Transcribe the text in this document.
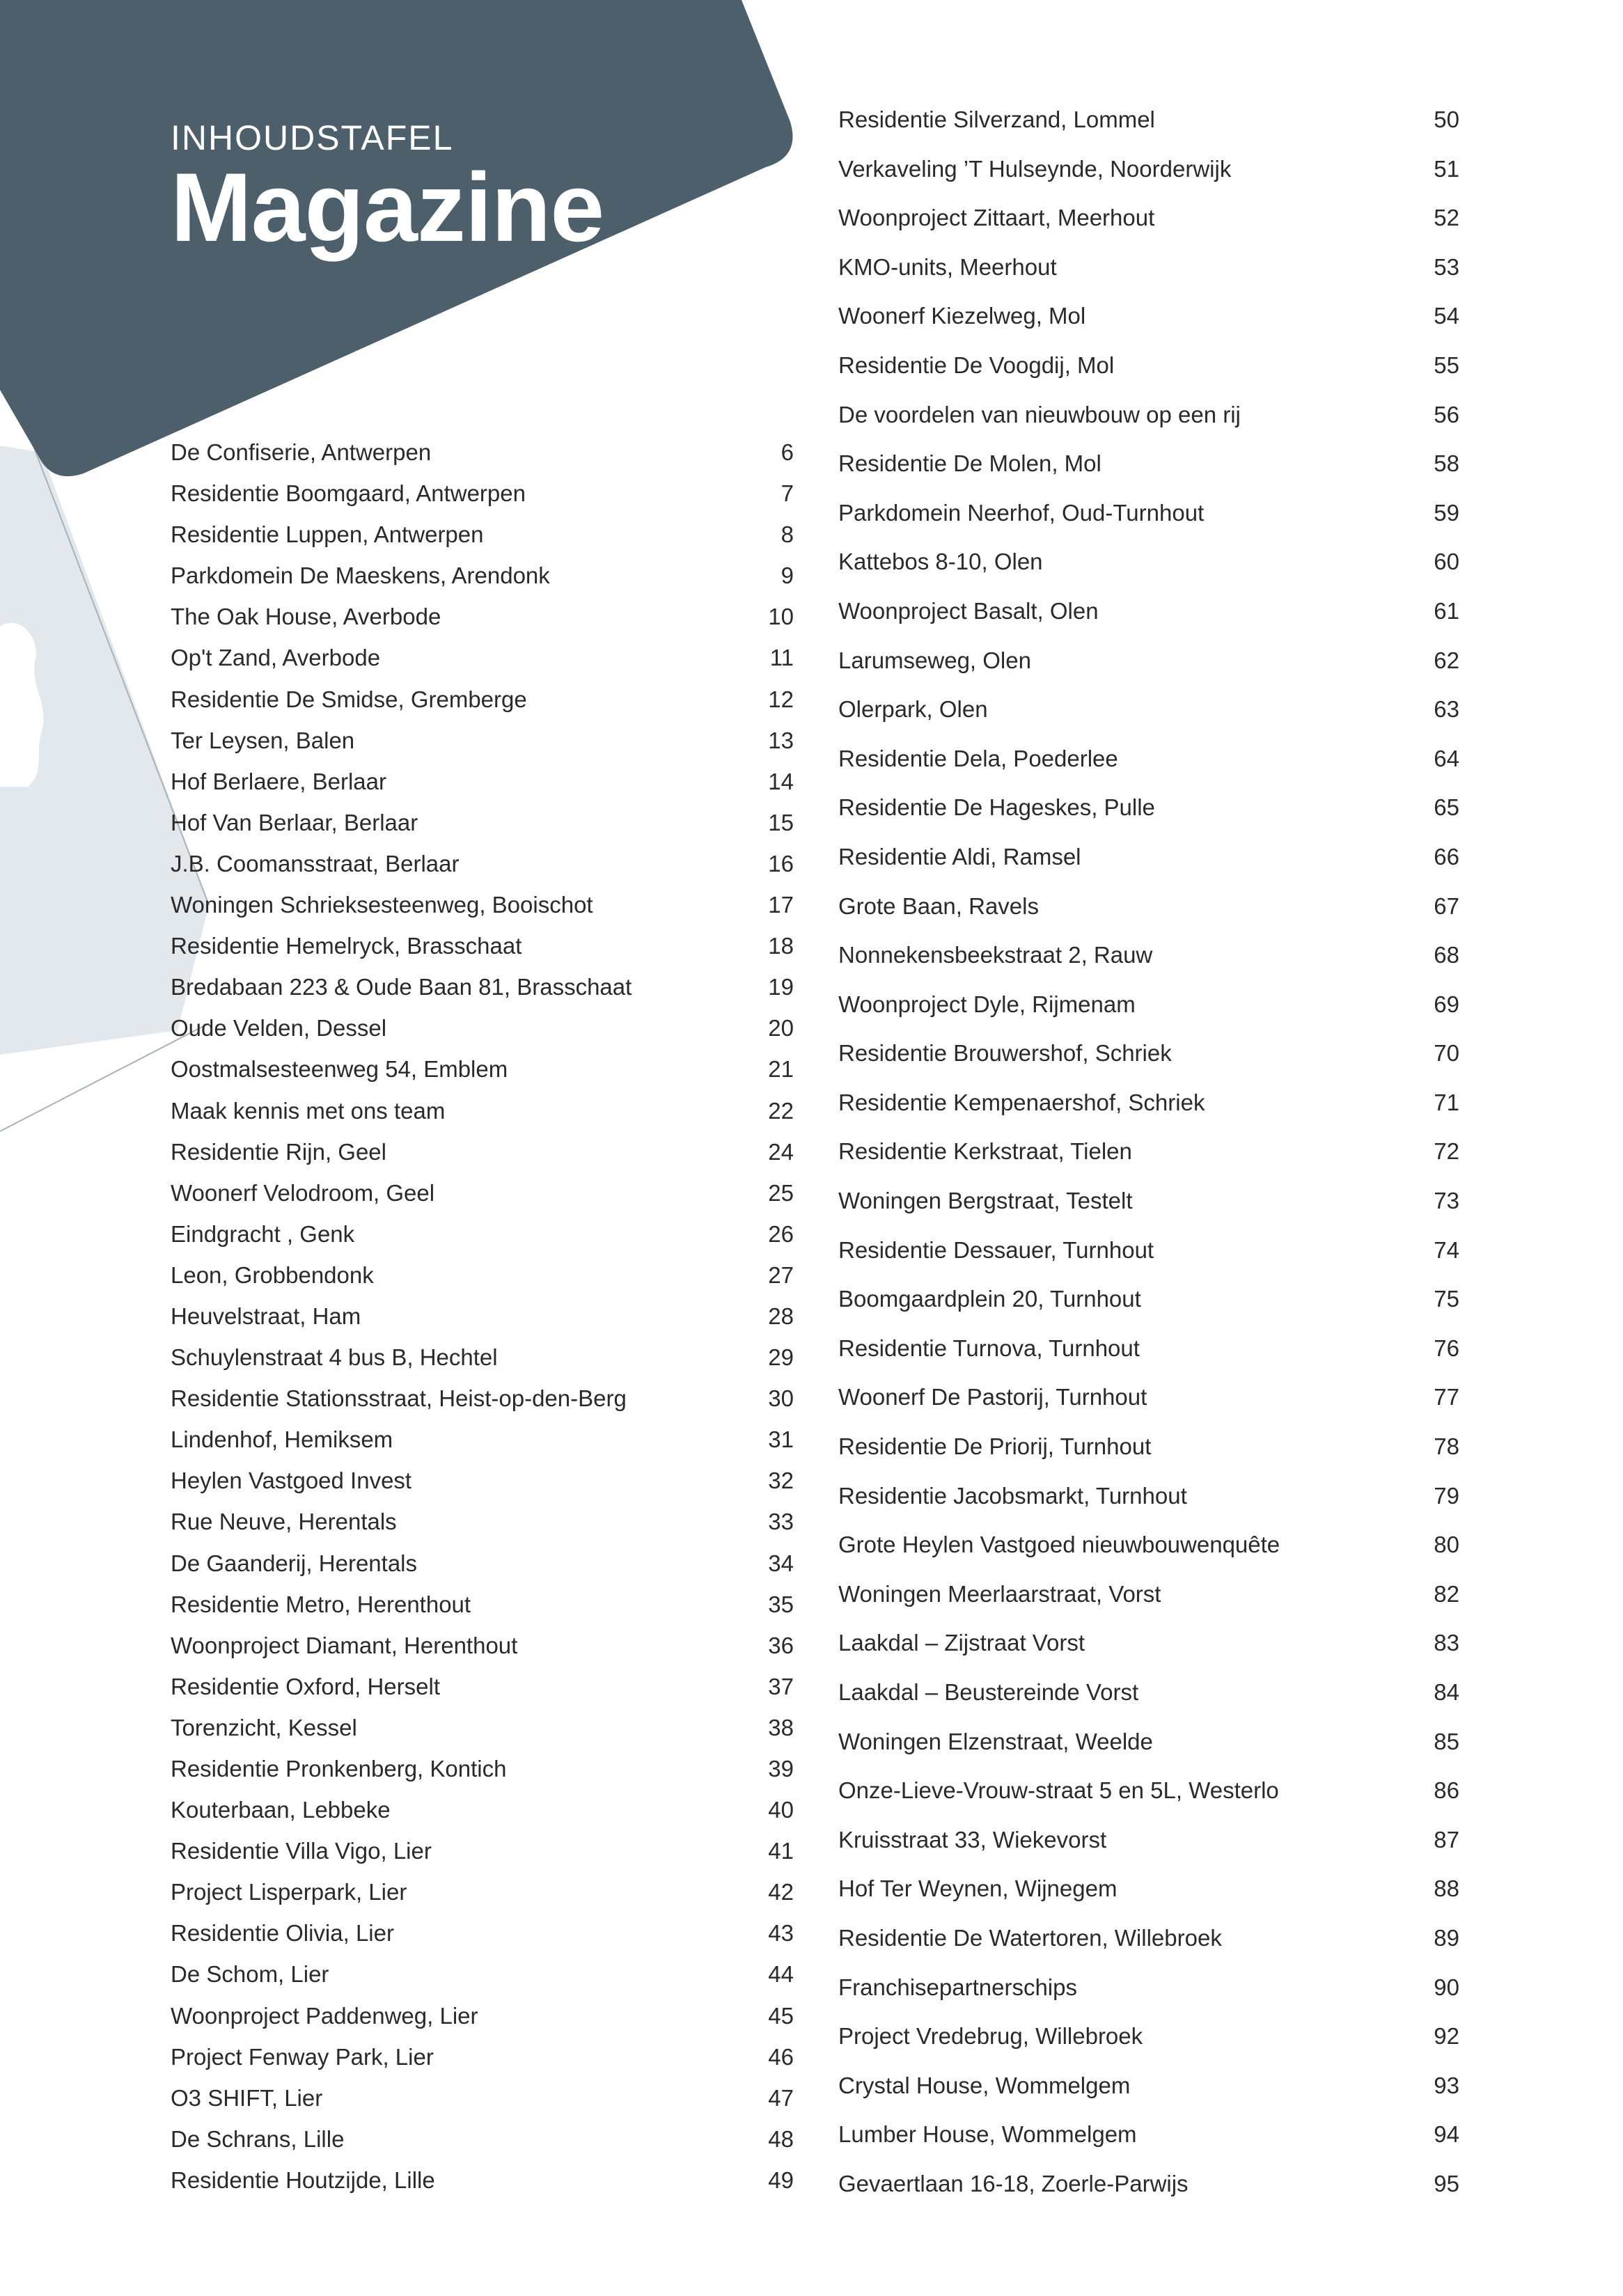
INHOUDSTAFEL
Magazine
De Confiserie, Antwerpen .....	6
Residentie Boomgaard, Antwerpen .....	7
Residentie Luppen, Antwerpen .....	8
Parkdomein De Maeskens, Arendonk .....	9
The Oak House, Averbode .....	10
Op't Zand, Averbode .....	11
Residentie De Smidse, Gremberge .....	12
Ter Leysen, Balen .....	13
Hof Berlaere, Berlaar .....	14
Hof Van Berlaar, Berlaar .....	15
J.B. Coomansstraat, Berlaar .....	16
Woningen Schrieksesteenweg, Booischot .....	17
Residentie Hemelryck, Brasschaat .....	18
Bredabaan 223 & Oude Baan 81, Brasschaat .....	19
Oude Velden, Dessel .....	20
Oostmalsesteenweg 54, Emblem .....	21
Maak kennis met ons team .....	22
Residentie Rijn, Geel .....	24
Woonerf Velodroom, Geel .....	25
Eindgracht , Genk .....	26
Leon, Grobbendonk .....	27
Heuvelstraat, Ham .....	28
Schuylenstraat 4 bus B, Hechtel .....	29
Residentie Stationsstraat, Heist-op-den-Berg .....	30
Lindenhof, Hemiksem .....	31
Heylen Vastgoed Invest .....	32
Rue Neuve, Herentals .....	33
De Gaanderij, Herentals .....	34
Residentie Metro, Herenthout .....	35
Woonproject Diamant, Herenthout .....	36
Residentie Oxford, Herselt .....	37
Torenzicht, Kessel .....	38
Residentie Pronkenberg, Kontich .....	39
Kouterbaan, Lebbeke .....	40
Residentie Villa Vigo, Lier .....	41
Project Lisperpark, Lier .....	42
Residentie Olivia, Lier .....	43
De Schom, Lier .....	44
Woonproject Paddenweg, Lier .....	45
Project Fenway Park, Lier .....	46
O3 SHIFT, Lier .....	47
De Schrans, Lille .....	48
Residentie Houtzijde, Lille .....	49
Residentie Silverzand, Lommel .....	50
Verkaveling ’T Hulseynde, Noorderwijk .....	51
Woonproject Zittaart, Meerhout .....	52
KMO-units, Meerhout .....	53
Woonerf Kiezelweg, Mol .....	54
Residentie De Voogdij, Mol .....	55
De voordelen van nieuwbouw op een rij .....	56
Residentie De Molen, Mol .....	58
Parkdomein Neerhof, Oud-Turnhout .....	59
Kattebos 8-10, Olen .....	60
Woonproject Basalt, Olen .....	61
Larumseweg, Olen .....	62
Olerpark, Olen .....	63
Residentie Dela, Poederlee .....	64
Residentie De Hageskes, Pulle .....	65
Residentie Aldi, Ramsel .....	66
Grote Baan, Ravels .....	67
Nonnekensbeekstraat 2, Rauw .....	68
Woonproject Dyle, Rijmenam .....	69
Residentie Brouwershof, Schriek .....	70
Residentie Kempenaershof, Schriek .....	71
Residentie Kerkstraat, Tielen .....	72
Woningen Bergstraat, Testelt .....	73
Residentie Dessauer, Turnhout .....	74
Boomgaardplein 20, Turnhout .....	75
Residentie Turnova, Turnhout .....	76
Woonerf De Pastorij, Turnhout .....	77
Residentie De Priorij, Turnhout .....	78
Residentie Jacobsmarkt, Turnhout .....	79
Grote Heylen Vastgoed nieuwbouwenquête .....	80
Woningen Meerlaarstraat, Vorst .....	82
Laakdal – Zijstraat Vorst .....	83
Laakdal – Beustereinde Vorst .....	84
Woningen Elzenstraat, Weelde .....	85
Onze-Lieve-Vrouw-straat 5 en 5L, Westerlo .....	86
Kruisstraat 33, Wiekevorst .....	87
Hof Ter Weynen, Wijnegem .....	88
Residentie De Watertoren, Willebroek .....	89
Franchisepartnerschips .....	90
Project Vredebrug, Willebroek .....	92
Crystal House, Wommelgem .....	93
Lumber House, Wommelgem .....	94
Gevaertlaan 16-18, Zoerle-Parwijs .....	95
